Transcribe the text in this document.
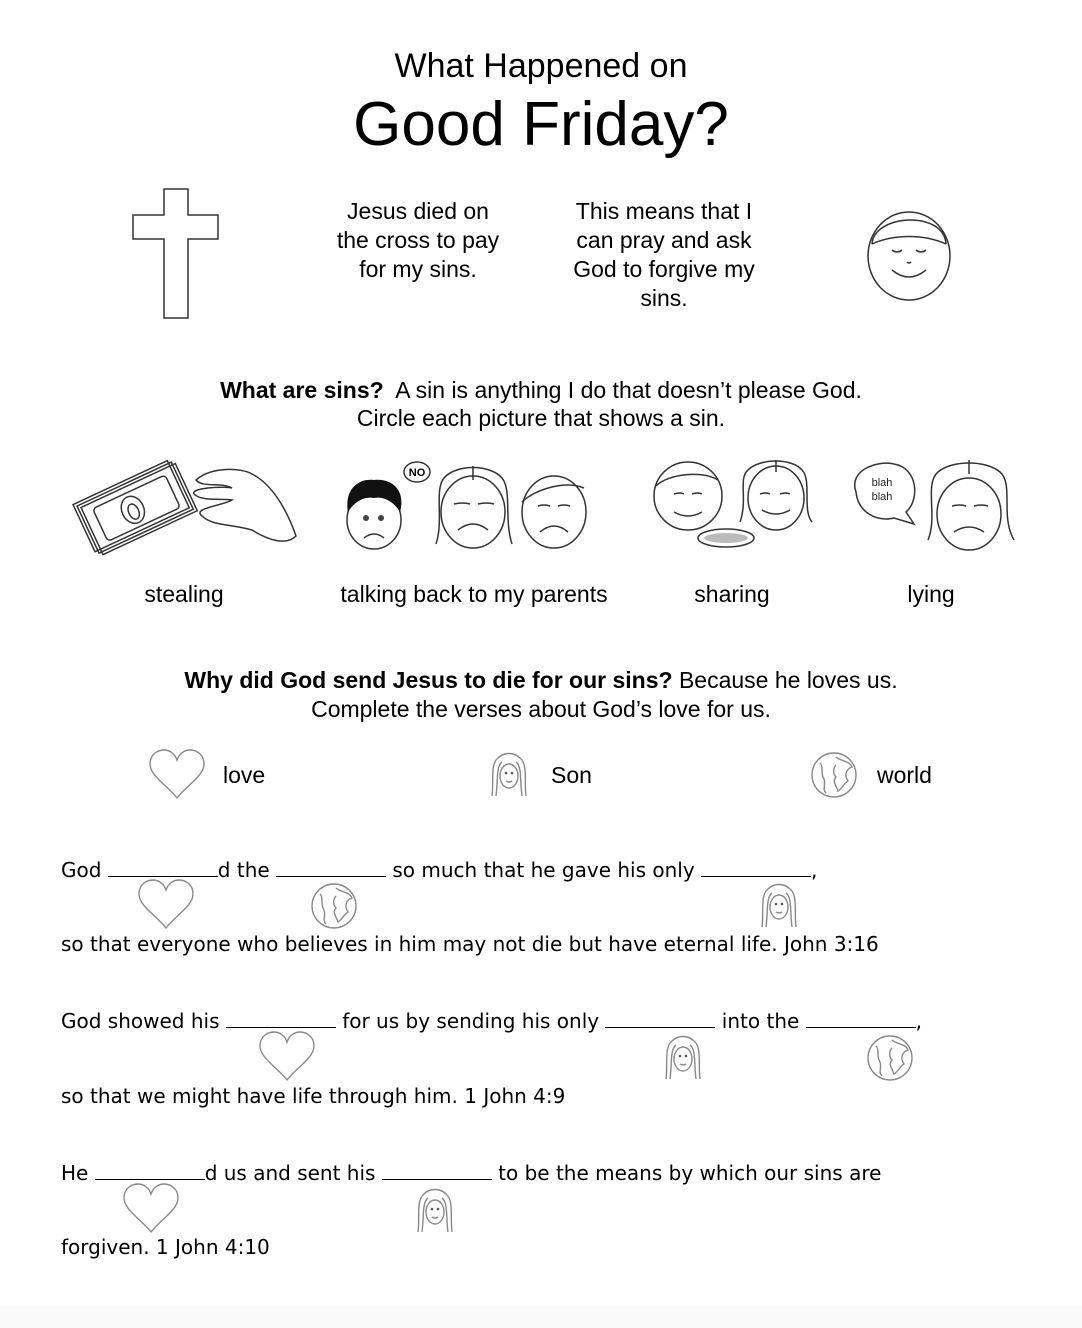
What Happened on
Good Friday?
Jesus died on
the cross to pay
for my sins.
This means that I
can pray and ask
God to forgive my
sins.
What are sins?  A sin is anything I do that doesn’t please God.
Circle each picture that shows a sin.
NO
blah
blah
stealing	talking back to my parents	sharing	lying
Why did God send Jesus to die for our sins? Because he loves us.
Complete the verses about God’s love for us.
love	Son	world
God	d the	so much that he gave his only	,
so that everyone who believes in him may not die but have eternal life. John 3:16
God showed his	for us by sending his only	into the	,
so that we might have life through him. 1 John 4:9
He	d us and sent his	to be the means by which our sins are
forgiven. 1 John 4:10
